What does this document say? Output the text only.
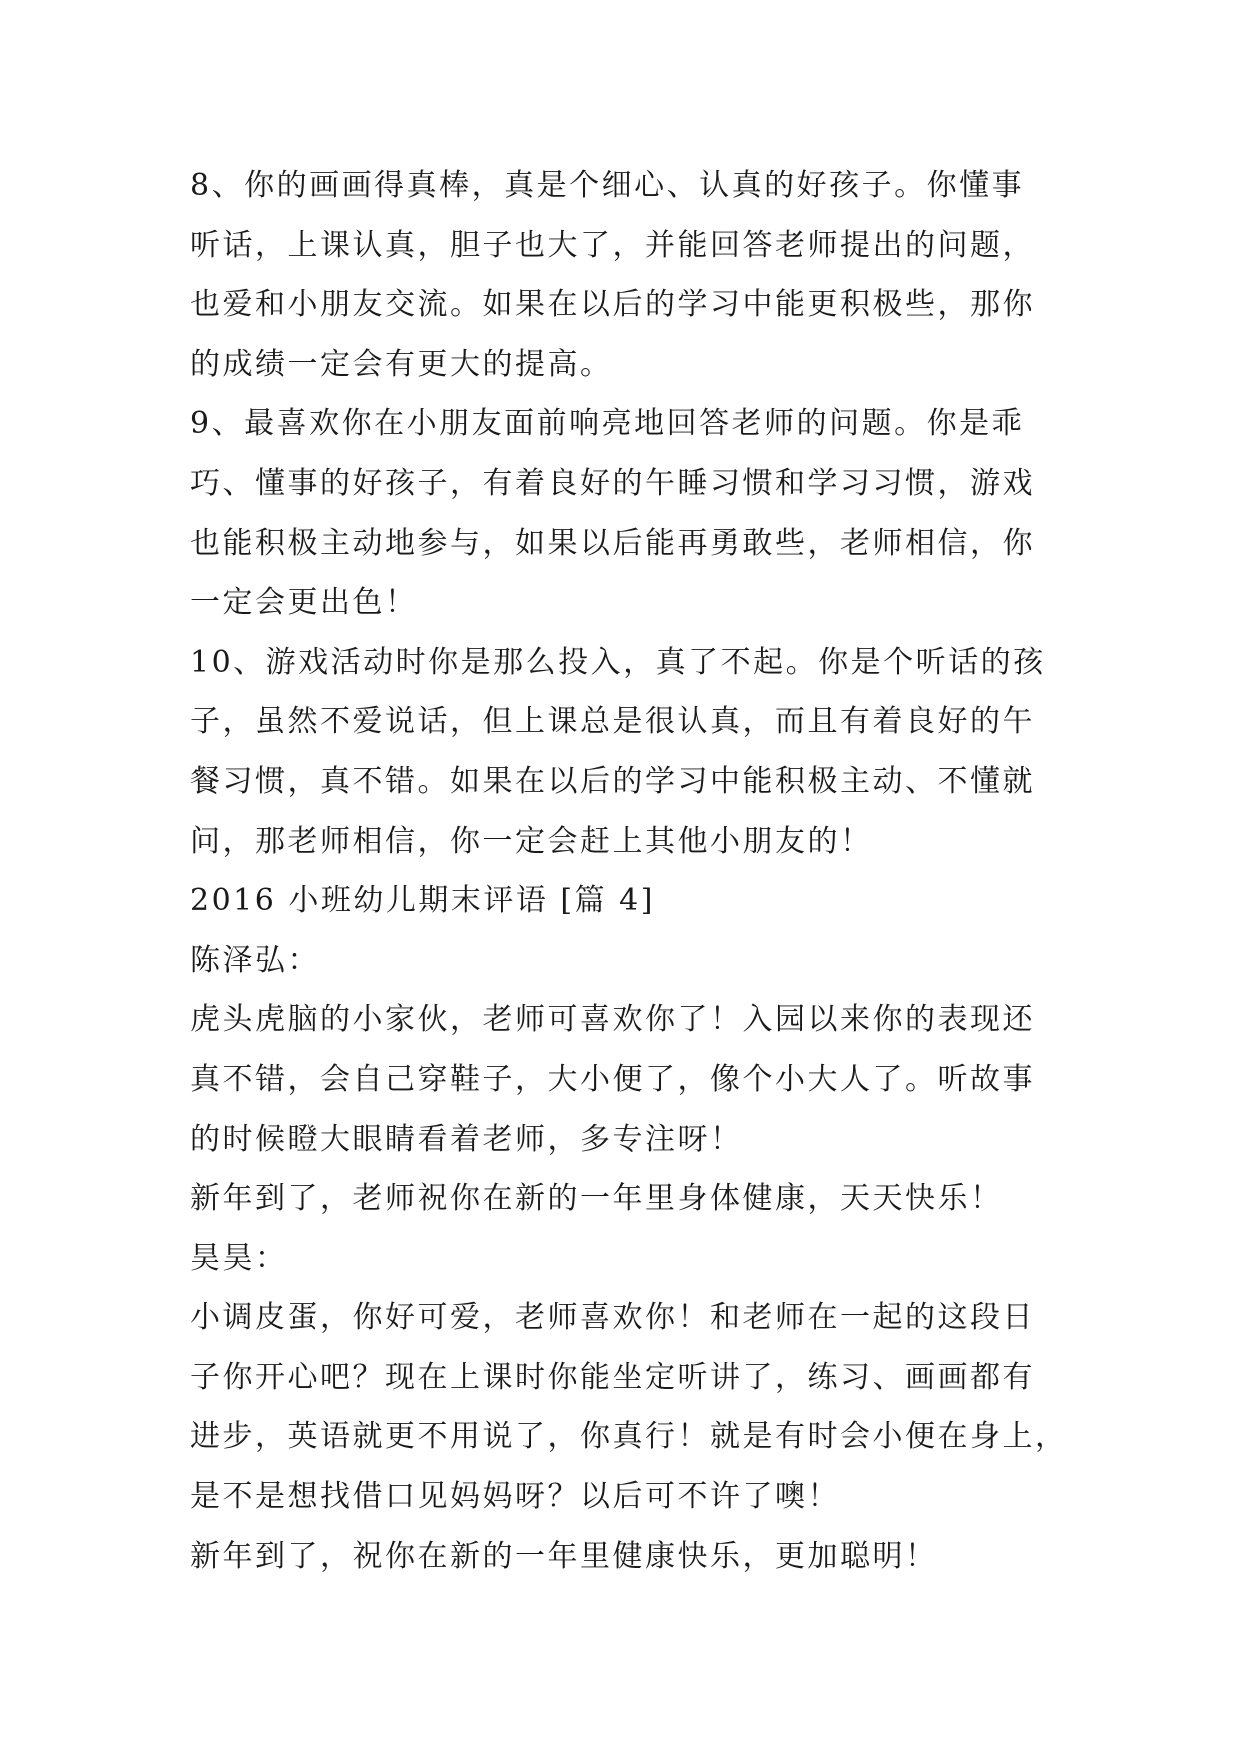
8、你的画画得真棒，真是个细心、认真的好孩子。你懂事
听话，上课认真，胆子也大了，并能回答老师提出的问题，
也爱和小朋友交流。如果在以后的学习中能更积极些，那你
的成绩一定会有更大的提高。
9、最喜欢你在小朋友面前响亮地回答老师的问题。你是乖
巧、懂事的好孩子，有着良好的午睡习惯和学习习惯，游戏
也能积极主动地参与，如果以后能再勇敢些，老师相信，你
一定会更出色！
10、游戏活动时你是那么投入，真了不起。你是个听话的孩
子，虽然不爱说话，但上课总是很认真，而且有着良好的午
餐习惯，真不错。如果在以后的学习中能积极主动、不懂就
问，那老师相信，你一定会赶上其他小朋友的！
2016 小班幼儿期末评语 [篇 4]
陈泽弘：
虎头虎脑的小家伙，老师可喜欢你了！入园以来你的表现还
真不错，会自己穿鞋子，大小便了，像个小大人了。听故事
的时候瞪大眼睛看着老师，多专注呀！
新年到了，老师祝你在新的一年里身体健康，天天快乐！
昊昊：
小调皮蛋，你好可爱，老师喜欢你！和老师在一起的这段日
子你开心吧？现在上课时你能坐定听讲了，练习、画画都有
进步，英语就更不用说了，你真行！就是有时会小便在身上，
是不是想找借口见妈妈呀？以后可不许了噢！
新年到了，祝你在新的一年里健康快乐，更加聪明！
